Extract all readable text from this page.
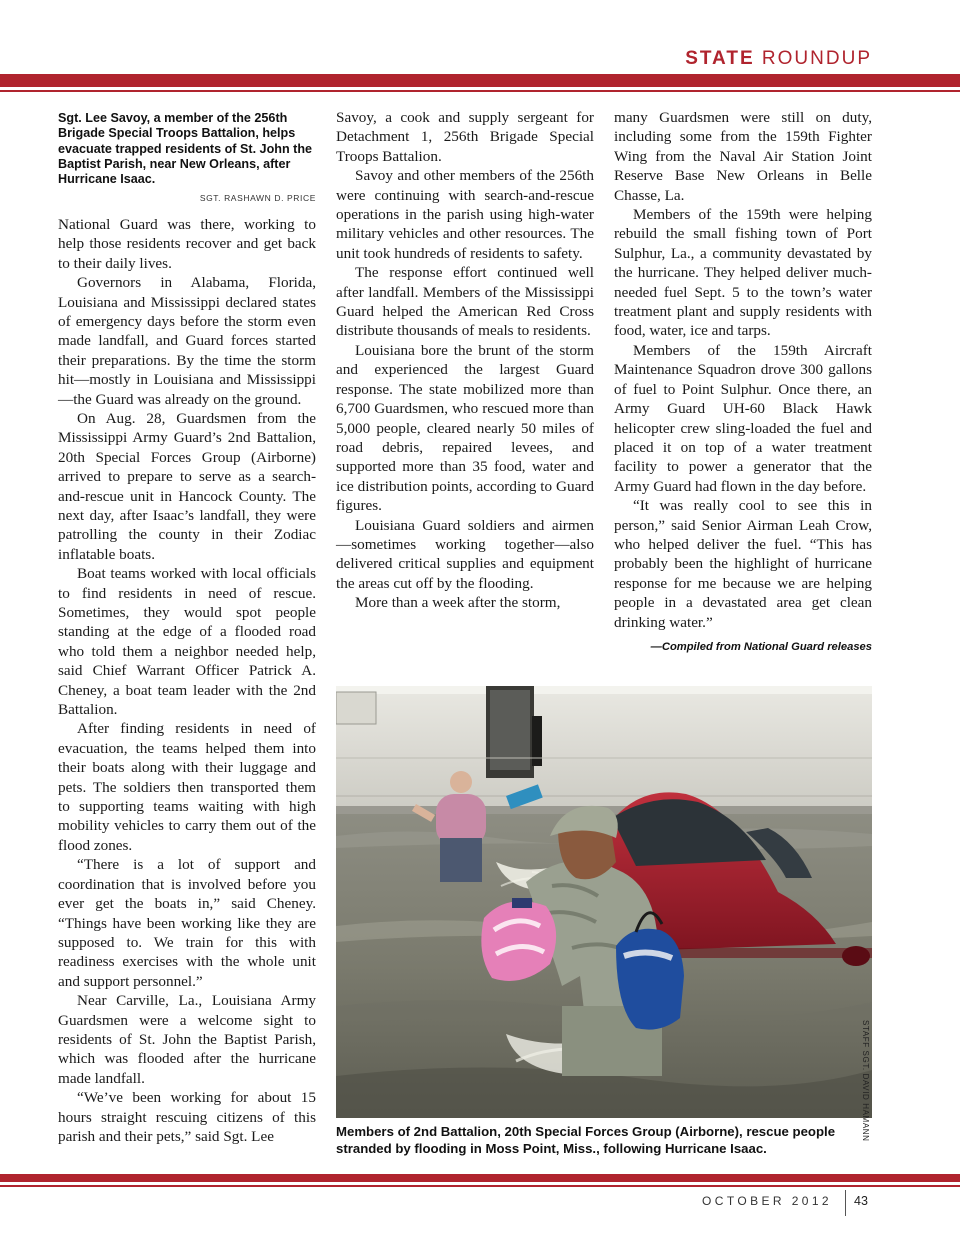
STATE ROUNDUP
Sgt. Lee Savoy, a member of the 256th Brigade Special Troops Battalion, helps evacuate trapped residents of St. John the Baptist Parish, near New Orleans, after Hurricane Isaac.
SGT. RASHAWN D. PRICE

National Guard was there, working to help those residents recover and get back to their daily lives.

Governors in Alabama, Florida, Louisiana and Mississippi declared states of emergency days before the storm even made landfall, and Guard forces started their preparations. By the time the storm hit—mostly in Louisiana and Mississippi—the Guard was already on the ground.

On Aug. 28, Guardsmen from the Mississippi Army Guard’s 2nd Battalion, 20th Special Forces Group (Airborne) arrived to prepare to serve as a search-and-rescue unit in Hancock County. The next day, after Isaac’s landfall, they were patrolling the county in their Zodiac inflatable boats.

Boat teams worked with local officials to find residents in need of rescue. Sometimes, they would spot people standing at the edge of a flooded road who told them a neighbor needed help, said Chief Warrant Officer Patrick A. Cheney, a boat team leader with the 2nd Battalion.

After finding residents in need of evacuation, the teams helped them into their boats along with their luggage and pets. The soldiers then transported them to supporting teams waiting with high mobility vehicles to carry them out of the flood zones.

“There is a lot of support and coordination that is involved before you ever get the boats in,” said Cheney. “Things have been working like they are supposed to. We train for this with readiness exercises with the whole unit and support personnel.”

Near Carville, La., Louisiana Army Guardsmen were a welcome sight to residents of St. John the Baptist Parish, which was flooded after the hurricane made landfall.

“We’ve been working for about 15 hours straight rescuing citizens of this parish and their pets,” said Sgt. Lee

Savoy, a cook and supply sergeant for Detachment 1, 256th Brigade Special Troops Battalion.

Savoy and other members of the 256th were continuing with search-and-rescue operations in the parish using high-water military vehicles and other resources. The unit took hundreds of residents to safety.

The response effort continued well after landfall. Members of the Mississippi Guard helped the American Red Cross distribute thousands of meals to residents.

Louisiana bore the brunt of the storm and experienced the largest Guard response. The state mobilized more than 6,700 Guardsmen, who rescued more than 5,000 people, cleared nearly 50 miles of road debris, repaired levees, and supported more than 35 food, water and ice distribution points, according to Guard figures.

Louisiana Guard soldiers and airmen—sometimes working together—also delivered critical supplies and equipment the areas cut off by the flooding.

More than a week after the storm,

many Guardsmen were still on duty, including some from the 159th Fighter Wing from the Naval Air Station Joint Reserve Base New Orleans in Belle Chasse, La.

Members of the 159th were helping rebuild the small fishing town of Port Sulphur, La., a community devastated by the hurricane. They helped deliver much-needed fuel Sept. 5 to the town’s water treatment plant and supply residents with food, water, ice and tarps.

Members of the 159th Aircraft Maintenance Squadron drove 300 gallons of fuel to Point Sulphur. Once there, an Army Guard UH-60 Black Hawk helicopter crew sling-loaded the fuel and placed it on top of a water treatment facility to power a generator that the Army Guard had flown in the day before.

“It was really cool to see this in person,” said Senior Airman Leah Crow, who helped deliver the fuel. “This has probably been the highlight of hurricane response for me because we are helping people in a devastated area get clean drinking water.”

—Compiled from National Guard releases
STAFF SGT. DAVID HAMANN
Members of 2nd Battalion, 20th Special Forces Group (Airborne), rescue people stranded by flooding in Moss Point, Miss., following Hurricane Isaac.
OCTOBER 2012 43
